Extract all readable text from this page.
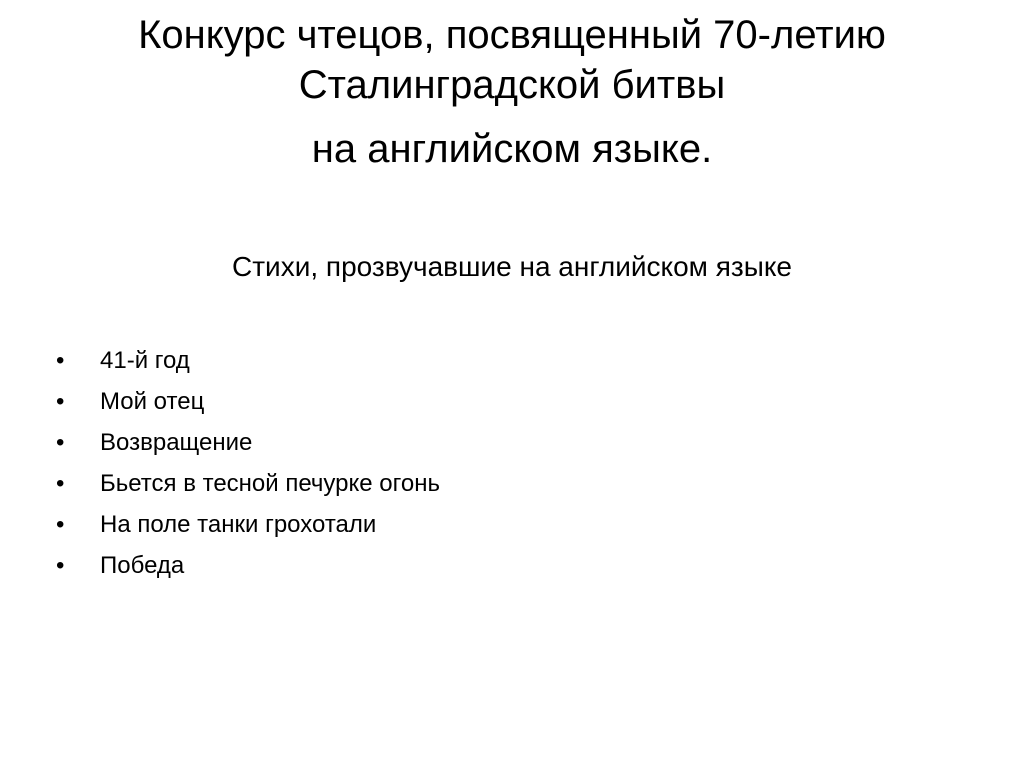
Конкурс чтецов, посвященный 70-летию

Сталинградской битвы

на английском языке.

Стихи, прозвучавшие на английском языке

•	41-й год
•	Мой отец
•	Возвращение
•	Бьется в тесной печурке огонь
•	На поле танки грохотали
•	Победа
